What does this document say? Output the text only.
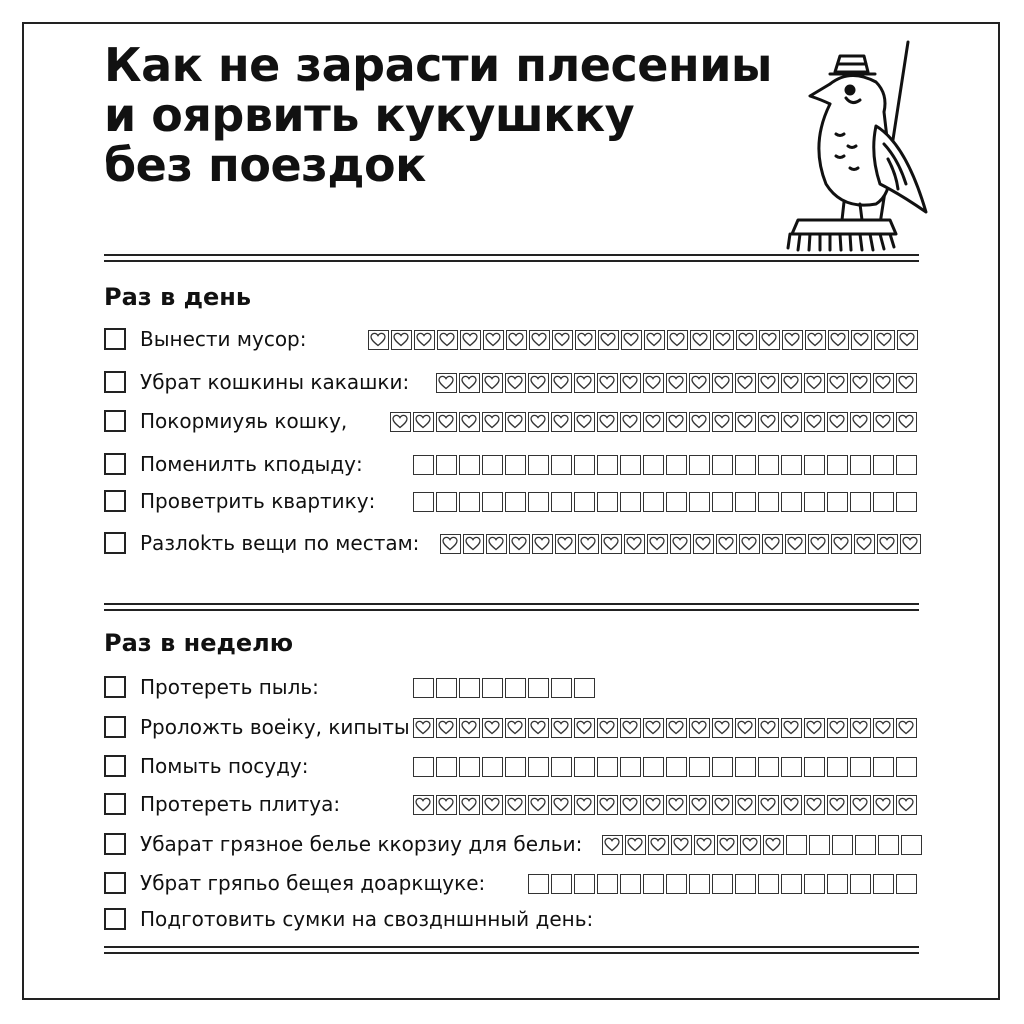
Как не зарасти плесениы
и оярвить кукушкку
без поездок
Раз в день
Вынести мусор:
Убрат кошкины какашки:
Покормиyяь кошку,
Поменилть кподыду:
Проветрить квартику:
Разлоkть вещи по местам:
Раз в неделю
Протереть пыль:
Рpoлoжть воеiку, кипыты
Помыть посуду:
Протереть плитуа:
Убарат грязное белье ккорзиу для бельи:
Убрат гряпьо бещея доаркщуке:
Подготовить сумки на своздншнный день:
